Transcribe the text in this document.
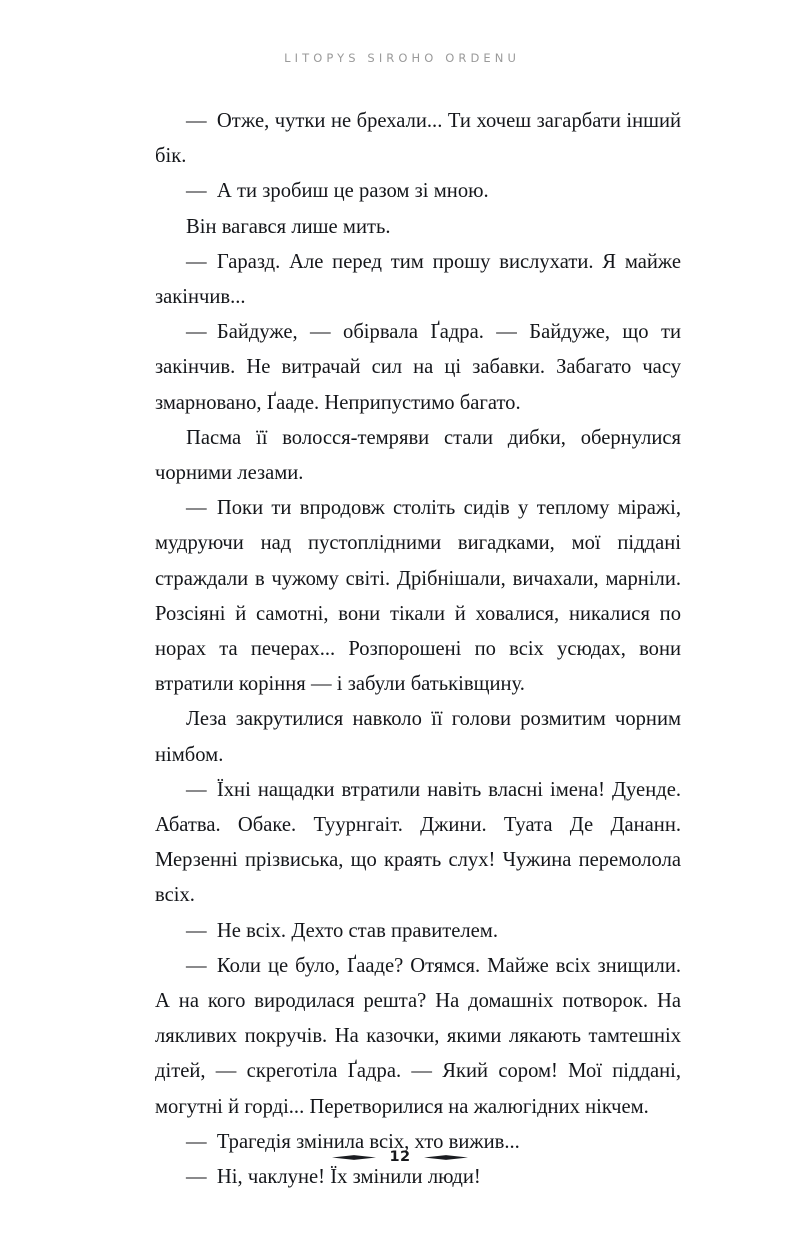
LITOPYS SIROHO ORDENU

— Отже, чутки не брехали... Ти хочеш загарбати інший бік.

— А ти зробиш це разом зі мною.

Він вагався лише мить.

— Гаразд. Але перед тим прошу вислухати. Я майже закінчив...

— Байдуже, — обірвала Ґадра. — Байдуже, що ти закінчив. Не витрачай сил на ці забавки. Забагато часу змарновано, Ґааде. Неприпустимо багато.

Пасма її волосся-темряви стали дибки, обернулися чорними лезами.

— Поки ти впродовж століть сидів у теплому міражі, мудруючи над пустоплідними вигадками, мої піддані страждали в чужому світі. Дрібнішали, вичахали, марніли. Розсіяні й самотні, вони тікали й ховалися, никалися по норах та печерах... Розпорошені по всіх усюдах, вони втратили коріння — і забули батьківщину.

Леза закрутилися навколо її голови розмитим чорним німбом.

— Їхні нащадки втратили навіть власні імена! Дуенде. Абатва. Обаке. Туурнгаіт. Джини. Туата Де Дананн. Мерзенні прізвиська, що краять слух! Чужина перемолола всіх.

— Не всіх. Дехто став правителем.

— Коли це було, Ґааде? Отямся. Майже всіх знищили. А на кого виродилася решта? На домашніх потворок. На лякливих покручів. На казочки, якими лякають тамтешніх дітей, — скреготіла Ґадра. — Який сором! Мої піддані, могутні й горді... Перетворилися на жалюгідних нікчем.

— Трагедія змінила всіх, хто вижив...

— Ні, чаклуне! Їх змінили люди!

12
